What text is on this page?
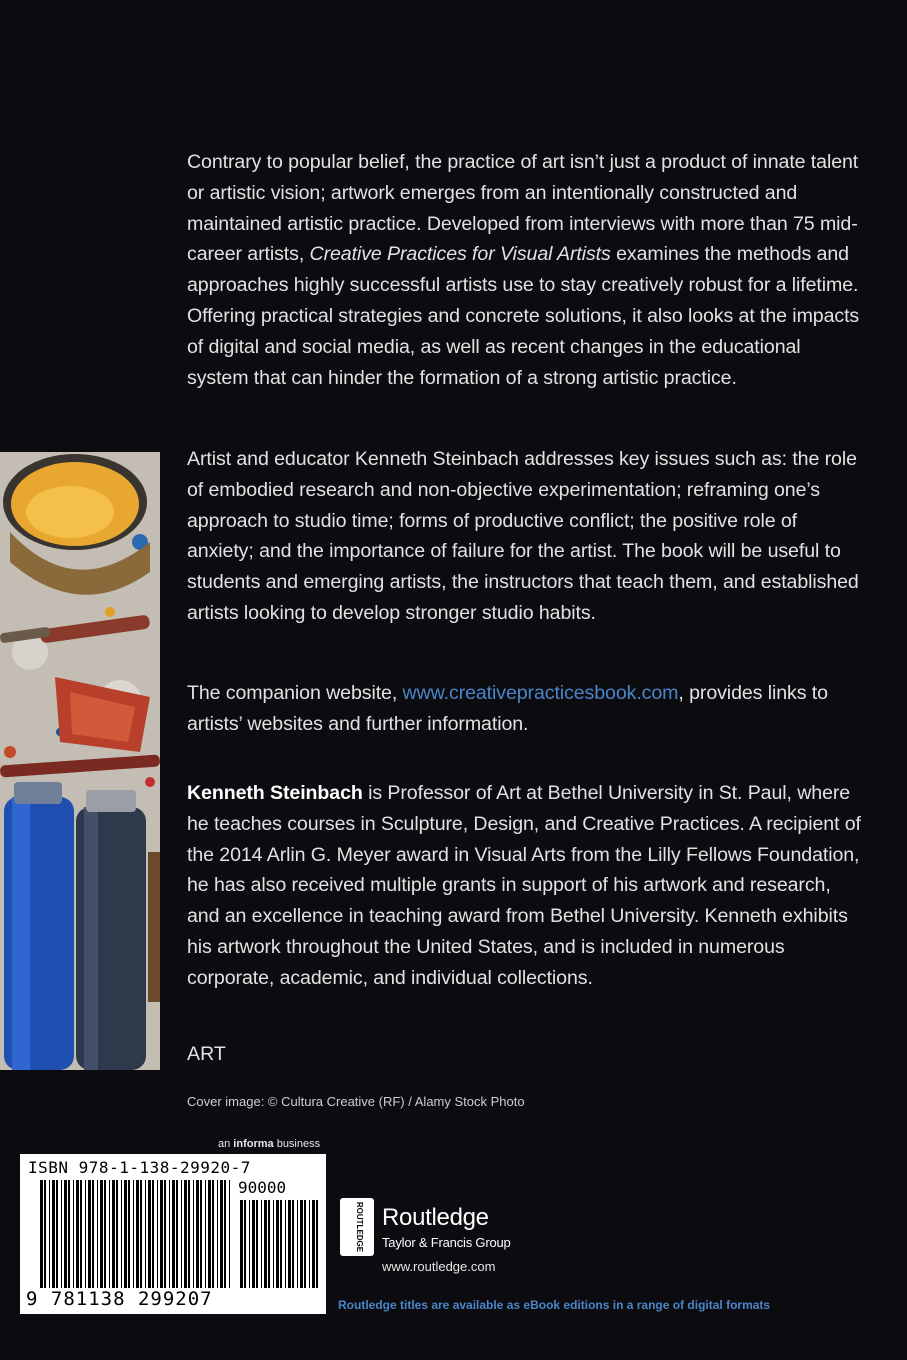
Contrary to popular belief, the practice of art isn’t just a product of innate talent or artistic vision; artwork emerges from an intentionally constructed and maintained artistic practice. Developed from interviews with more than 75 mid-career artists, Creative Practices for Visual Artists examines the methods and approaches highly successful artists use to stay creatively robust for a lifetime. Offering practical strategies and concrete solutions, it also looks at the impacts of digital and social media, as well as recent changes in the educational system that can hinder the formation of a strong artistic practice.

Artist and educator Kenneth Steinbach addresses key issues such as: the role of embodied research and non-objective experimentation; reframing one’s approach to studio time; forms of productive conflict; the positive role of anxiety; and the importance of failure for the artist. The book will be useful to students and emerging artists, the instructors that teach them, and established artists looking to develop stronger studio habits.

The companion website, www.creativepracticesbook.com, provides links to artists’ websites and further information.

Kenneth Steinbach is Professor of Art at Bethel University in St. Paul, where he teaches courses in Sculpture, Design, and Creative Practices. A recipient of the 2014 Arlin G. Meyer award in Visual Arts from the Lilly Fellows Foundation, he has also received multiple grants in support of his artwork and research, and an excellence in teaching award from Bethel University. Kenneth exhibits his artwork throughout the United States, and is included in numerous corporate, academic, and individual collections.

ART
Cover image: © Cultura Creative (RF) / Alamy Stock Photo
an informa business
ISBN 978-1-138-29920-7
90000
9 781138 299207
ROUTLEDGE Routledge
Taylor & Francis Group
www.routledge.com
Routledge titles are available as eBook editions in a range of digital formats
